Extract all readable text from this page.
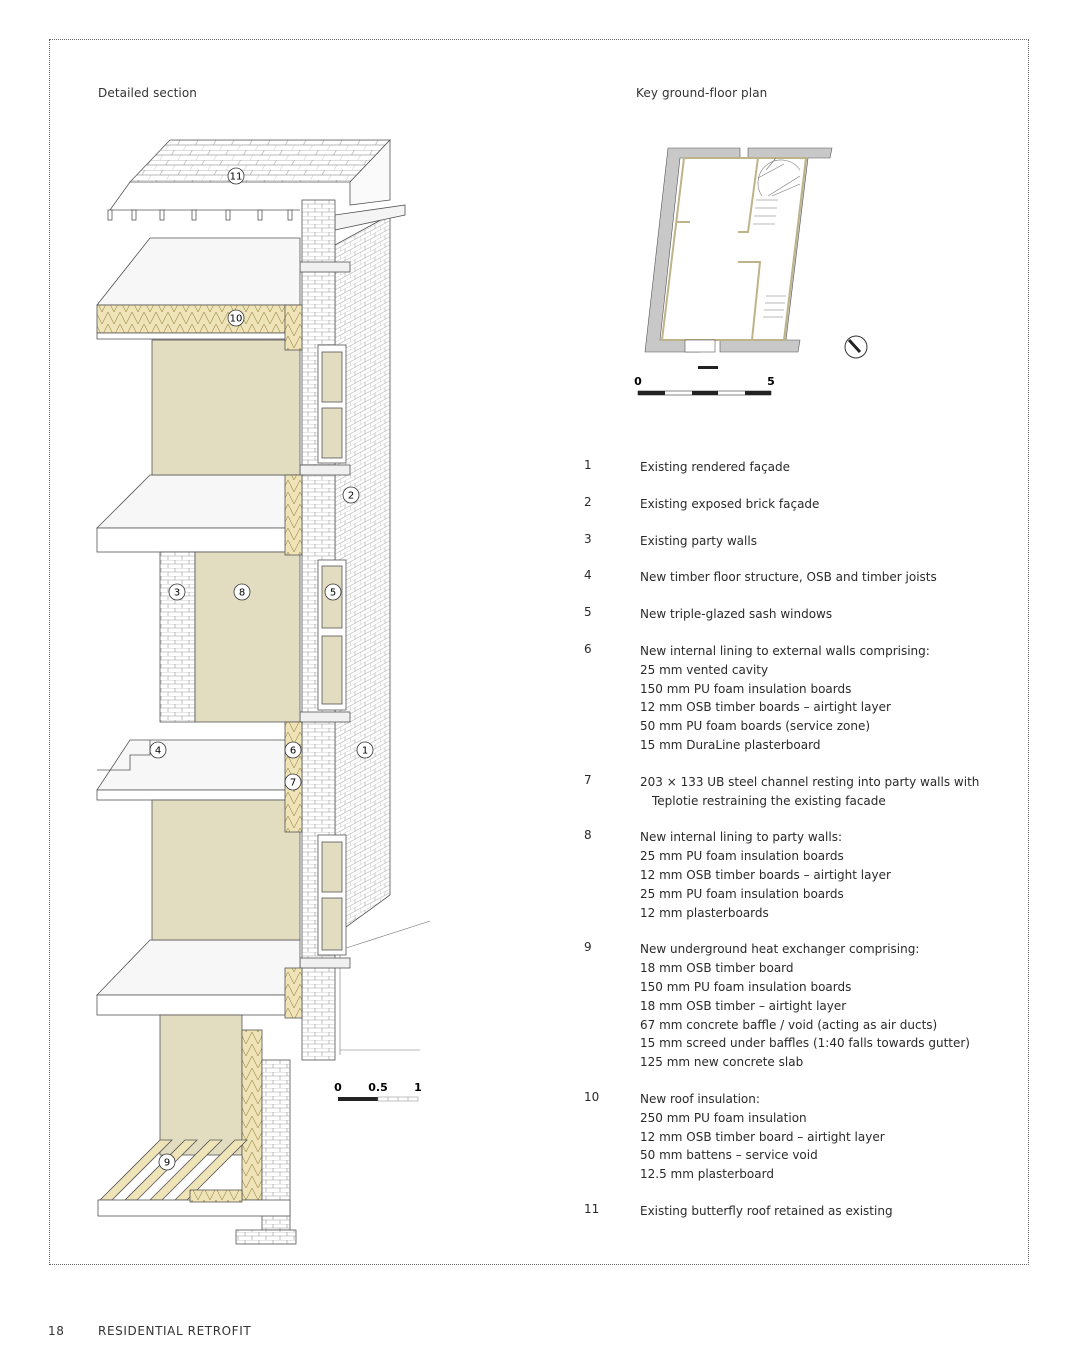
Detailed section	Key ground-floor plan
11
10
2
3	8	5
4	6	1
7
9
0 0.5 1
0	5
1	Existing rendered façade
2	Existing exposed brick façade
3	Existing party walls
4	New timber floor structure, OSB and timber joists
5	New triple-glazed sash windows
6	New internal lining to external walls comprising:
25 mm vented cavity
150 mm PU foam insulation boards
12 mm OSB timber boards – airtight layer
50 mm PU foam boards (service zone)
15 mm DuraLine plasterboard
7	203 × 133 UB steel channel resting into party walls with
Teplotie restraining the existing facade
8	New internal lining to party walls:
25 mm PU foam insulation boards
12 mm OSB timber boards – airtight layer
25 mm PU foam insulation boards
12 mm plasterboards
9	New underground heat exchanger comprising:
18 mm OSB timber board
150 mm PU foam insulation boards
18 mm OSB timber – airtight layer
67 mm concrete baffle / void (acting as air ducts)
15 mm screed under baffles (1:40 falls towards gutter)
125 mm new concrete slab
10	New roof insulation:
250 mm PU foam insulation
12 mm OSB timber board – airtight layer
50 mm battens – service void
12.5 mm plasterboard
11	Existing butterfly roof retained as existing
18	RESIDENTIAL RETROFIT
